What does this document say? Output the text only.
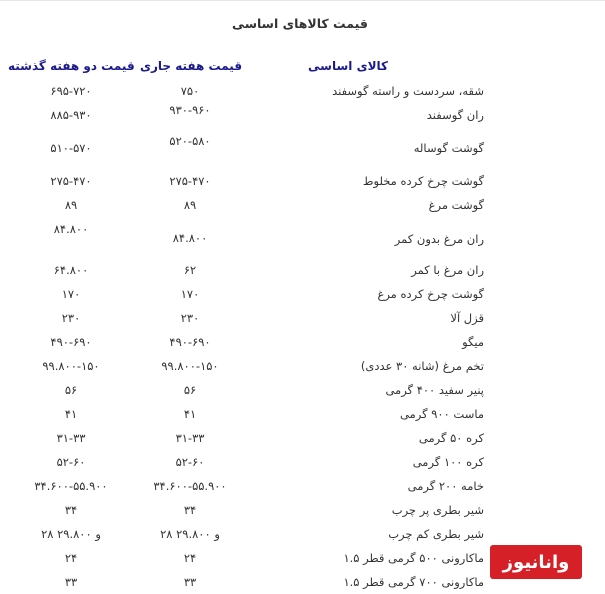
قیمت کالاهای اساسی
کالای اساسی
قیمت هفته جاری
قیمت دو هفته گذشته
شقه، سردست و راسته گوسفند
۷۵۰
۶۹۵-۷۲۰
ران گوسفند
۹۳۰-۹۶۰
۸۸۵-۹۳۰
گوشت گوساله
۵۲۰-۵۸۰
۵۱۰-۵۷۰
گوشت چرخ کرده مخلوط
۲۷۵-۴۷۰
۲۷۵-۴۷۰
گوشت مرغ
۸۹
۸۹
ران مرغ بدون کمر
۸۴.۸۰۰
۸۴.۸۰۰
ران مرغ با کمر
۶۲
۶۴.۸۰۰
گوشت چرخ کرده مرغ
۱۷۰
۱۷۰
قزل آلا
۲۳۰
۲۳۰
میگو
۴۹۰-۶۹۰
۴۹۰-۶۹۰
تخم مرغ (شانه ۳۰ عددی)
۹۹.۸۰۰-۱۵۰
۹۹.۸۰۰-۱۵۰
پنیر سفید ۴۰۰ گرمی
۵۶
۵۶
ماست ۹۰۰ گرمی
۴۱
۴۱
کره ۵۰ گرمی
۳۱-۳۳
۳۱-۳۳
کره ۱۰۰ گرمی
۵۲-۶۰
۵۲-۶۰
خامه ۲۰۰ گرمی
۳۴.۶۰۰-۵۵.۹۰۰
۳۴.۶۰۰-۵۵.۹۰۰
شیر بطری پر چرب
۳۴
۳۴
شیر بطری کم چرب
۲۸ و ۲۹.۸۰۰
۲۸ و ۲۹.۸۰۰
ماکارونی ۵۰۰ گرمی قطر ۱.۵
۲۴
۲۴
ماکارونی ۷۰۰ گرمی قطر ۱.۵
۳۳
۳۳
وانانیوز
